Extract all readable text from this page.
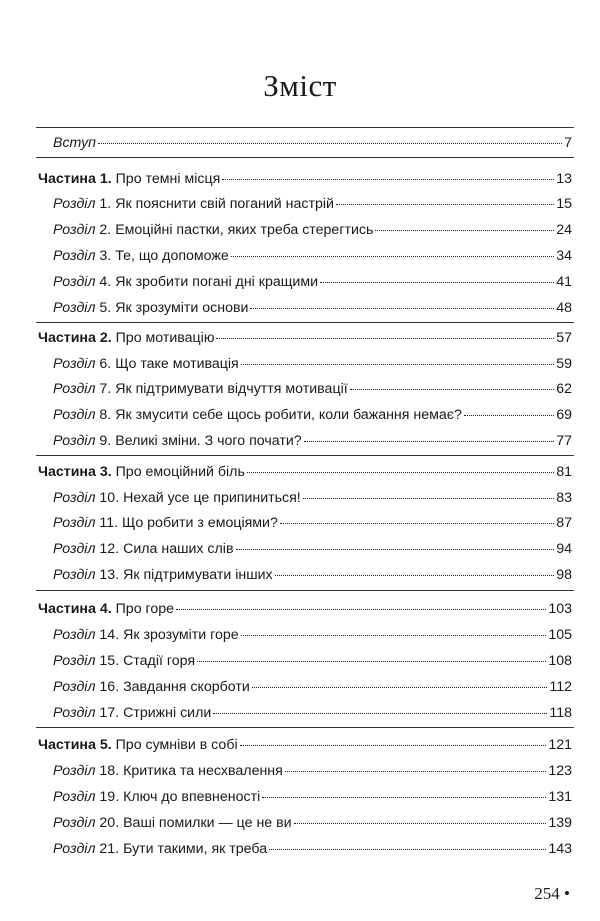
Зміст
Вступ	7
Частина 1. Про темні місця	13
Розділ 1. Як пояснити свій поганий настрій	15
Розділ 2. Емоційні пастки, яких треба стерегтись	24
Розділ 3. Те, що допоможе	34
Розділ 4. Як зробити погані дні кращими	41
Розділ 5. Як зрозуміти основи	48
Частина 2. Про мотивацію	57
Розділ 6. Що таке мотивація	59
Розділ 7. Як підтримувати відчуття мотивації	62
Розділ 8. Як змусити себе щось робити, коли бажання немає?	69
Розділ 9. Великі зміни. З чого почати?	77
Частина 3. Про емоційний біль	81
Розділ 10. Нехай усе це припиниться!	83
Розділ 11. Що робити з емоціями?	87
Розділ 12. Сила наших слів	94
Розділ 13. Як підтримувати інших	98
Частина 4. Про горе	103
Розділ 14. Як зрозуміти горе	105
Розділ 15. Стадії горя	108
Розділ 16. Завдання скорботи	112
Розділ 17. Стрижні сили	118
Частина 5. Про сумніви в собі	121
Розділ 18. Критика та несхвалення	123
Розділ 19. Ключ до впевненості	131
Розділ 20. Ваші помилки — це не ви	139
Розділ 21. Бути такими, як треба	143
254 •
